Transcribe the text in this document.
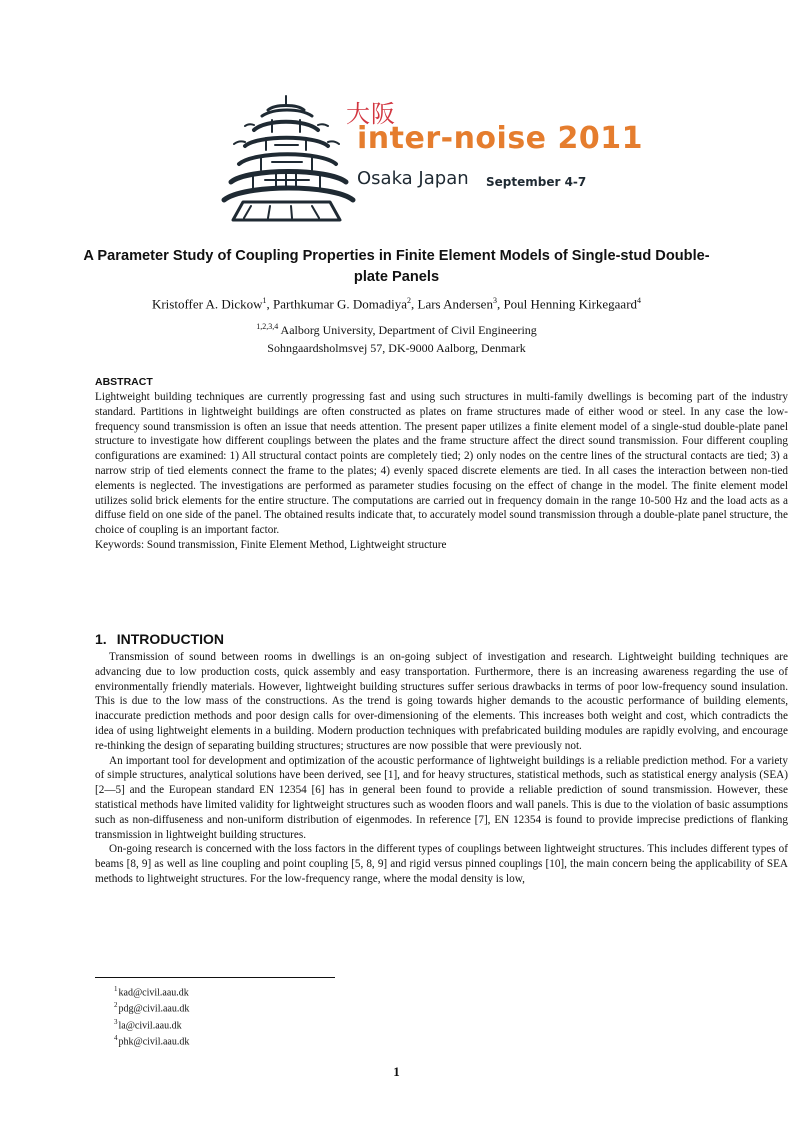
大阪
inter-noise 2011
Osaka Japan September 4-7
A Parameter Study of Coupling Properties in Finite Element Models of Single-stud Double-plate Panels
Kristoffer A. Dickow$^1$, Parthkumar G. Domadiya$^2$, Lars Andersen$^3$, Poul Henning Kirkegaard$^4$
$^{1,2,3,4}$ Aalborg University, Department of Civil Engineering
Sohngaardsholmsvej 57, DK-9000 Aalborg, Denmark
ABSTRACT

Lightweight building techniques are currently progressing fast and using such structures in multi-family dwellings is becoming part of the industry standard. Partitions in lightweight buildings are often constructed as plates on frame structures made of either wood or steel. In any case the low-frequency sound transmission is often an issue that needs attention. The present paper utilizes a finite element model of a single-stud double-plate panel structure to investigate how different couplings between the plates and the frame structure affect the direct sound transmission. Four different coupling configurations are examined: 1) All structural contact points are completely tied; 2) only nodes on the centre lines of the structural contacts are tied; 3) a narrow strip of tied elements connect the frame to the plates; 4) evenly spaced discrete elements are tied. In all cases the interaction between non-tied elements is neglected. The investigations are performed as parameter studies focusing on the effect of change in the model. The finite element model utilizes solid brick elements for the entire structure. The computations are carried out in frequency domain in the range 10-500 Hz and the load acts as a diffuse field on one side of the panel. The obtained results indicate that, to accurately model sound transmission through a double-plate panel structure, the choice of coupling is an important factor.

Keywords: Sound transmission, Finite Element Method, Lightweight structure

1. INTRODUCTION

Transmission of sound between rooms in dwellings is an on-going subject of investigation and research. Lightweight building techniques are advancing due to low production costs, quick assembly and easy transportation. Furthermore, there is an increasing awareness regarding the use of environmentally friendly materials. However, lightweight building structures suffer serious drawbacks in terms of poor low-frequency sound insulation. This is due to the low mass of the constructions. As the trend is going towards higher demands to the acoustic performance of building elements, inaccurate prediction methods and poor design calls for over-dimensioning of the elements. This increases both weight and cost, which contradicts the idea of using lightweight elements in a building. Modern production techniques with prefabricated building modules are rapidly evolving, and encourage re-thinking the design of separating building structures; structures are now possible that were previously not.

An important tool for development and optimization of the acoustic performance of lightweight buildings is a reliable prediction method. For a variety of simple structures, analytical solutions have been derived, see [1], and for heavy structures, statistical methods, such as statistical energy analysis (SEA) [2—5] and the European standard EN 12354 [6] has in general been found to provide a reliable prediction of sound transmission. However, these statistical methods have limited validity for lightweight structures such as wooden floors and wall panels. This is due to the violation of basic assumptions such as non-diffuseness and non-uniform distribution of eigenmodes. In reference [7], EN 12354 is found to provide imprecise predictions of flanking transmission in lightweight building structures.

On-going research is concerned with the loss factors in the different types of couplings between lightweight structures. This includes different types of beams [8, 9] as well as line coupling and point coupling [5, 8, 9] and rigid versus pinned couplings [10], the main concern being the applicability of SEA methods to lightweight structures. For the low-frequency range, where the modal density is low,

$^1$kad@civil.aau.dk
$^2$pdg@civil.aau.dk
$^3$la@civil.aau.dk
$^4$phk@civil.aau.dk
1
